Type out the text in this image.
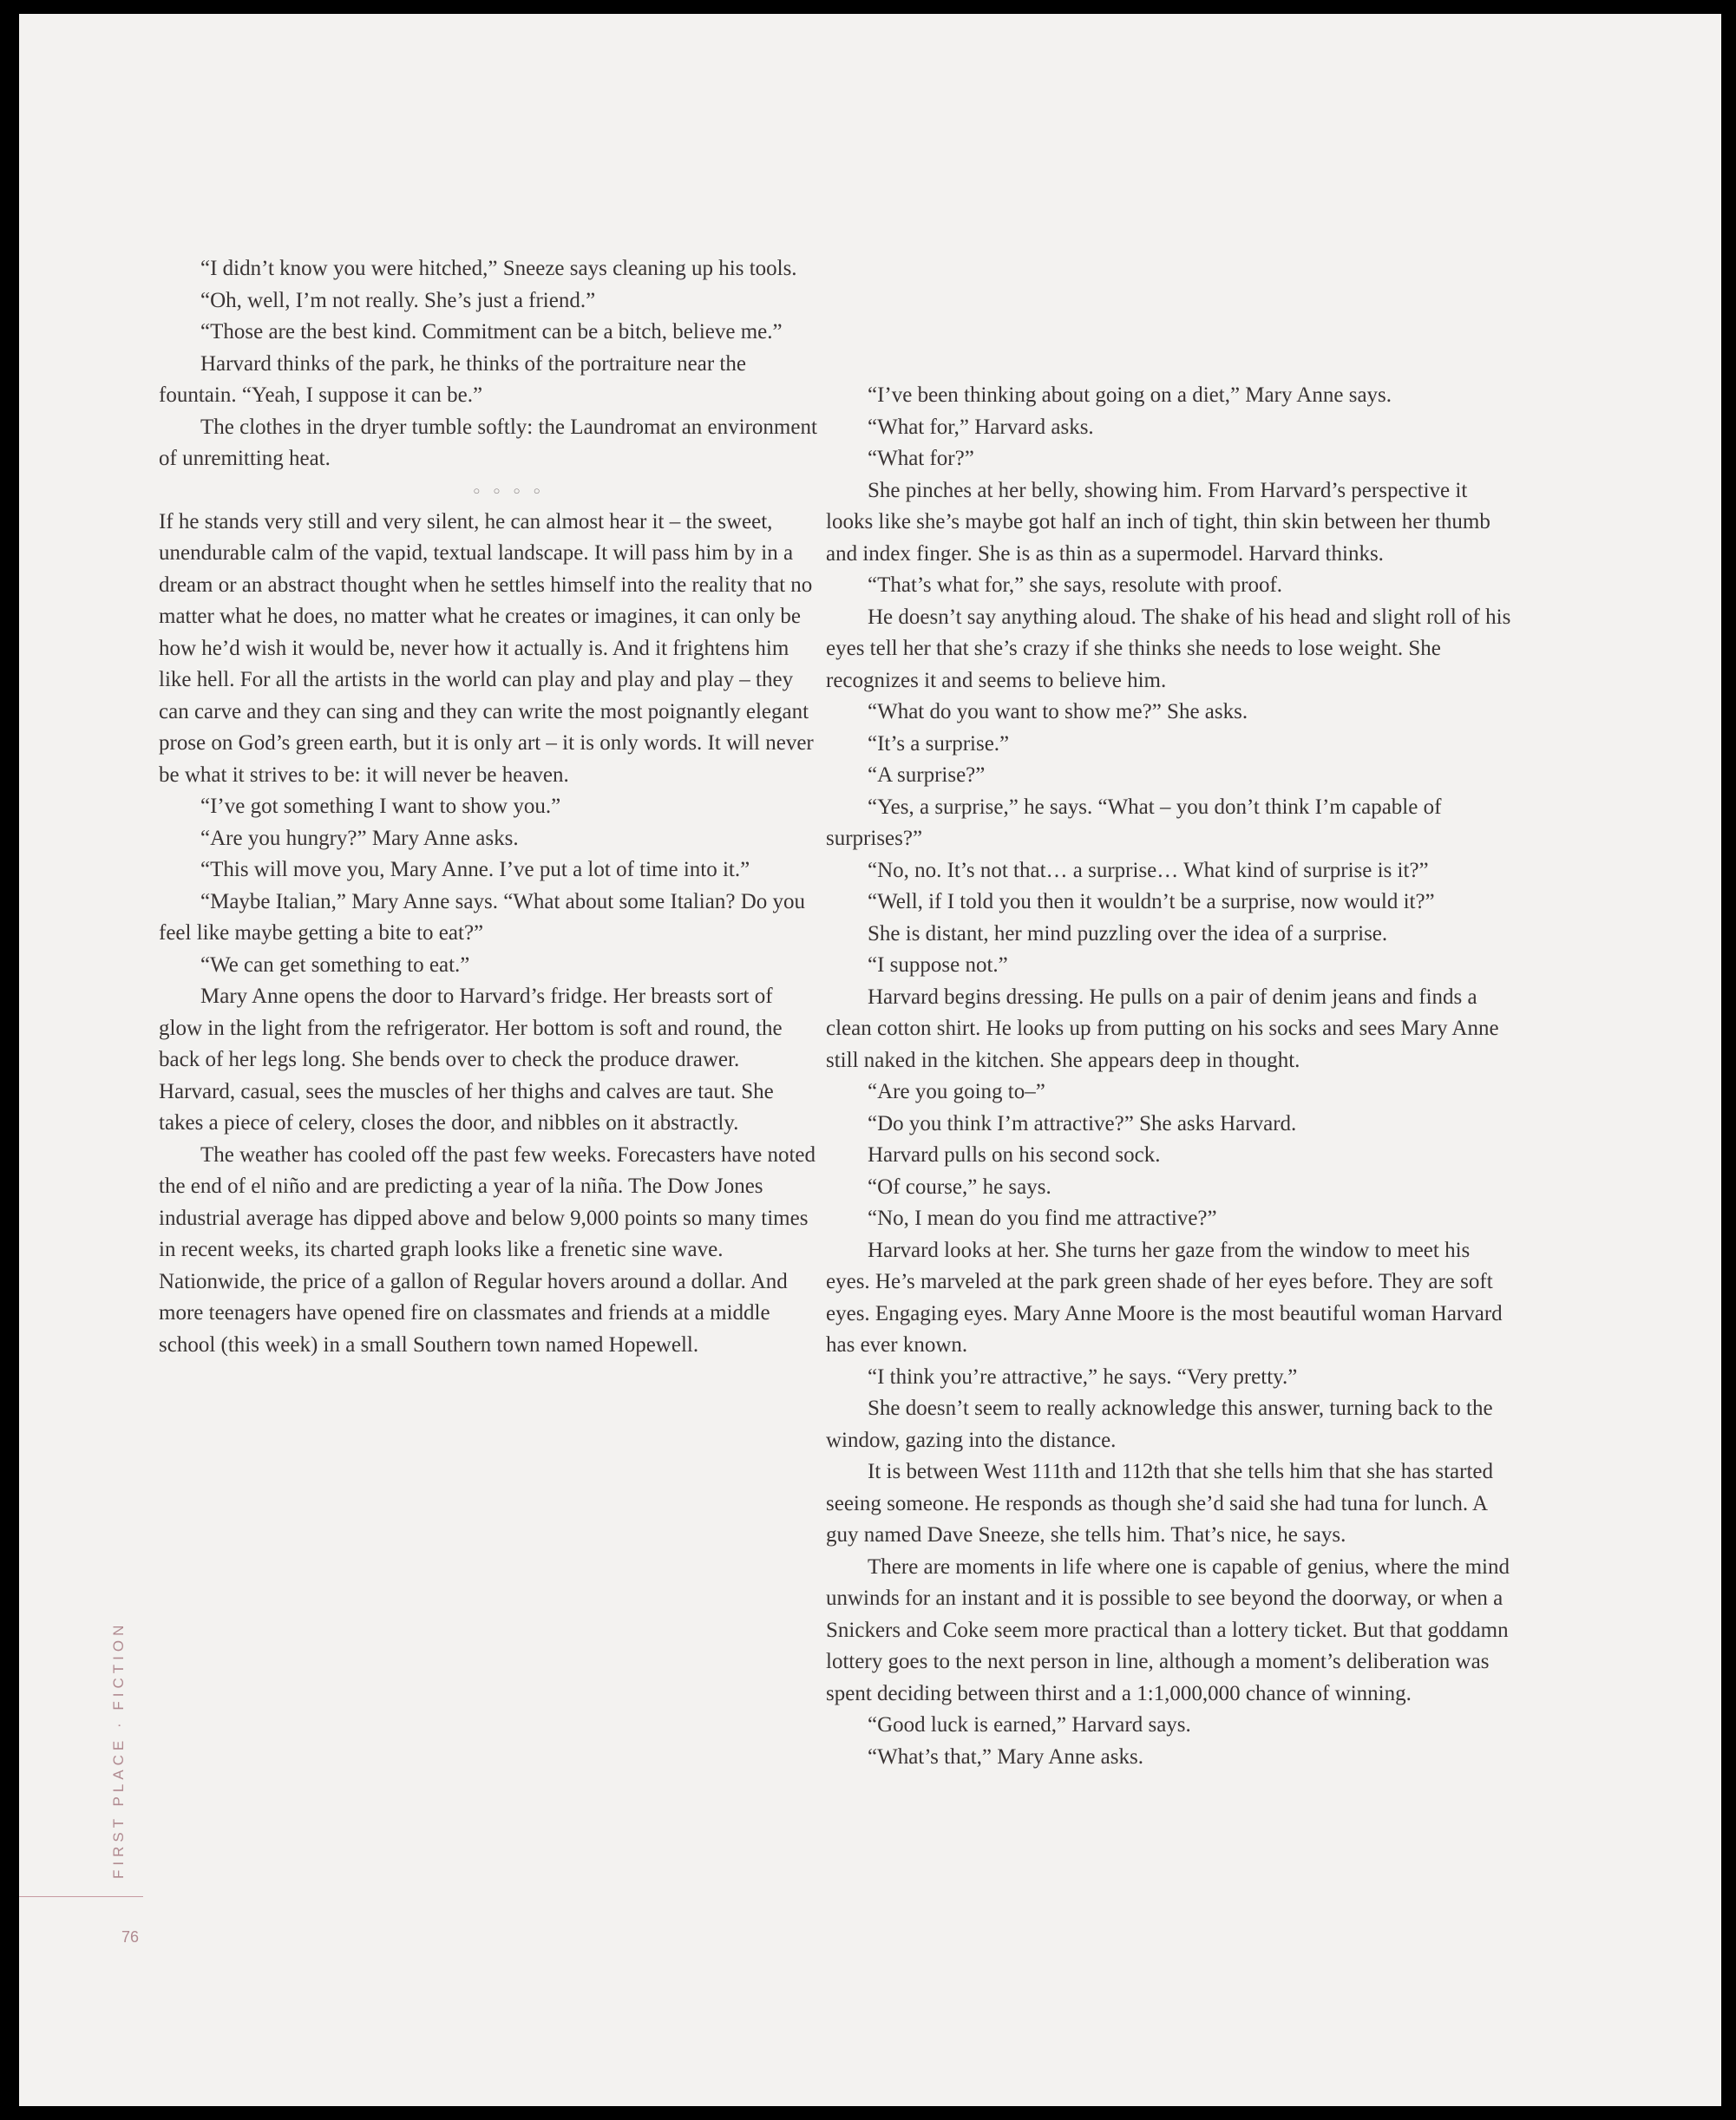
“I didn’t know you were hitched,” Sneeze says cleaning up his tools.

“Oh, well, I’m not really. She’s just a friend.”

“Those are the best kind. Commitment can be a bitch, believe me.”

Harvard thinks of the park, he thinks of the portraiture near the fountain. “Yeah, I suppose it can be.”

The clothes in the dryer tumble softly: the Laundromat an environment of unremitting heat.

○ ○ ○ ○

If he stands very still and very silent, he can almost hear it – the sweet, unendurable calm of the vapid, textual landscape. It will pass him by in a dream or an abstract thought when he settles himself into the reality that no matter what he does, no matter what he creates or imagines, it can only be how he’d wish it would be, never how it actually is. And it frightens him like hell. For all the artists in the world can play and play and play – they can carve and they can sing and they can write the most poignantly elegant prose on God’s green earth, but it is only art – it is only words. It will never be what it strives to be: it will never be heaven.

“I’ve got something I want to show you.”

“Are you hungry?” Mary Anne asks.

“This will move you, Mary Anne. I’ve put a lot of time into it.”

“Maybe Italian,” Mary Anne says. “What about some Italian? Do you feel like maybe getting a bite to eat?”

“We can get something to eat.”

Mary Anne opens the door to Harvard’s fridge. Her breasts sort of glow in the light from the refrigerator. Her bottom is soft and round, the back of her legs long. She bends over to check the produce drawer. Harvard, casual, sees the muscles of her thighs and calves are taut. She takes a piece of celery, closes the door, and nibbles on it abstractly.

The weather has cooled off the past few weeks. Forecasters have noted the end of el niño and are predicting a year of la niña. The Dow Jones industrial average has dipped above and below 9,000 points so many times in recent weeks, its charted graph looks like a frenetic sine wave. Nationwide, the price of a gallon of Regular hovers around a dollar. And more teenagers have opened fire on classmates and friends at a middle school (this week) in a small Southern town named Hopewell.

“I’ve been thinking about going on a diet,” Mary Anne says.

“What for,” Harvard asks.

“What for?”

She pinches at her belly, showing him. From Harvard’s perspective it looks like she’s maybe got half an inch of tight, thin skin between her thumb and index finger. She is as thin as a supermodel. Harvard thinks.

“That’s what for,” she says, resolute with proof.

He doesn’t say anything aloud. The shake of his head and slight roll of his eyes tell her that she’s crazy if she thinks she needs to lose weight. She recognizes it and seems to believe him.

“What do you want to show me?” She asks.

“It’s a surprise.”

“A surprise?”

“Yes, a surprise,” he says. “What – you don’t think I’m capable of surprises?”

“No, no. It’s not that… a surprise… What kind of surprise is it?”

“Well, if I told you then it wouldn’t be a surprise, now would it?”

She is distant, her mind puzzling over the idea of a surprise.

“I suppose not.”

Harvard begins dressing. He pulls on a pair of denim jeans and finds a clean cotton shirt. He looks up from putting on his socks and sees Mary Anne still naked in the kitchen. She appears deep in thought.

“Are you going to–”

“Do you think I’m attractive?” She asks Harvard.

Harvard pulls on his second sock.

“Of course,” he says.

“No, I mean do you find me attractive?”

Harvard looks at her. She turns her gaze from the window to meet his eyes. He’s marveled at the park green shade of her eyes before. They are soft eyes. Engaging eyes. Mary Anne Moore is the most beautiful woman Harvard has ever known.

“I think you’re attractive,” he says. “Very pretty.”

She doesn’t seem to really acknowledge this answer, turning back to the window, gazing into the distance.

It is between West 111th and 112th that she tells him that she has started seeing someone. He responds as though she’d said she had tuna for lunch. A guy named Dave Sneeze, she tells him. That’s nice, he says.

There are moments in life where one is capable of genius, where the mind unwinds for an instant and it is possible to see beyond the doorway, or when a Snickers and Coke seem more practical than a lottery ticket. But that goddamn lottery goes to the next person in line, although a moment’s deliberation was spent deciding between thirst and a 1:1,000,000 chance of winning.

“Good luck is earned,” Harvard says.

“What’s that,” Mary Anne asks.

FIRST PLACE · FICTION
76
